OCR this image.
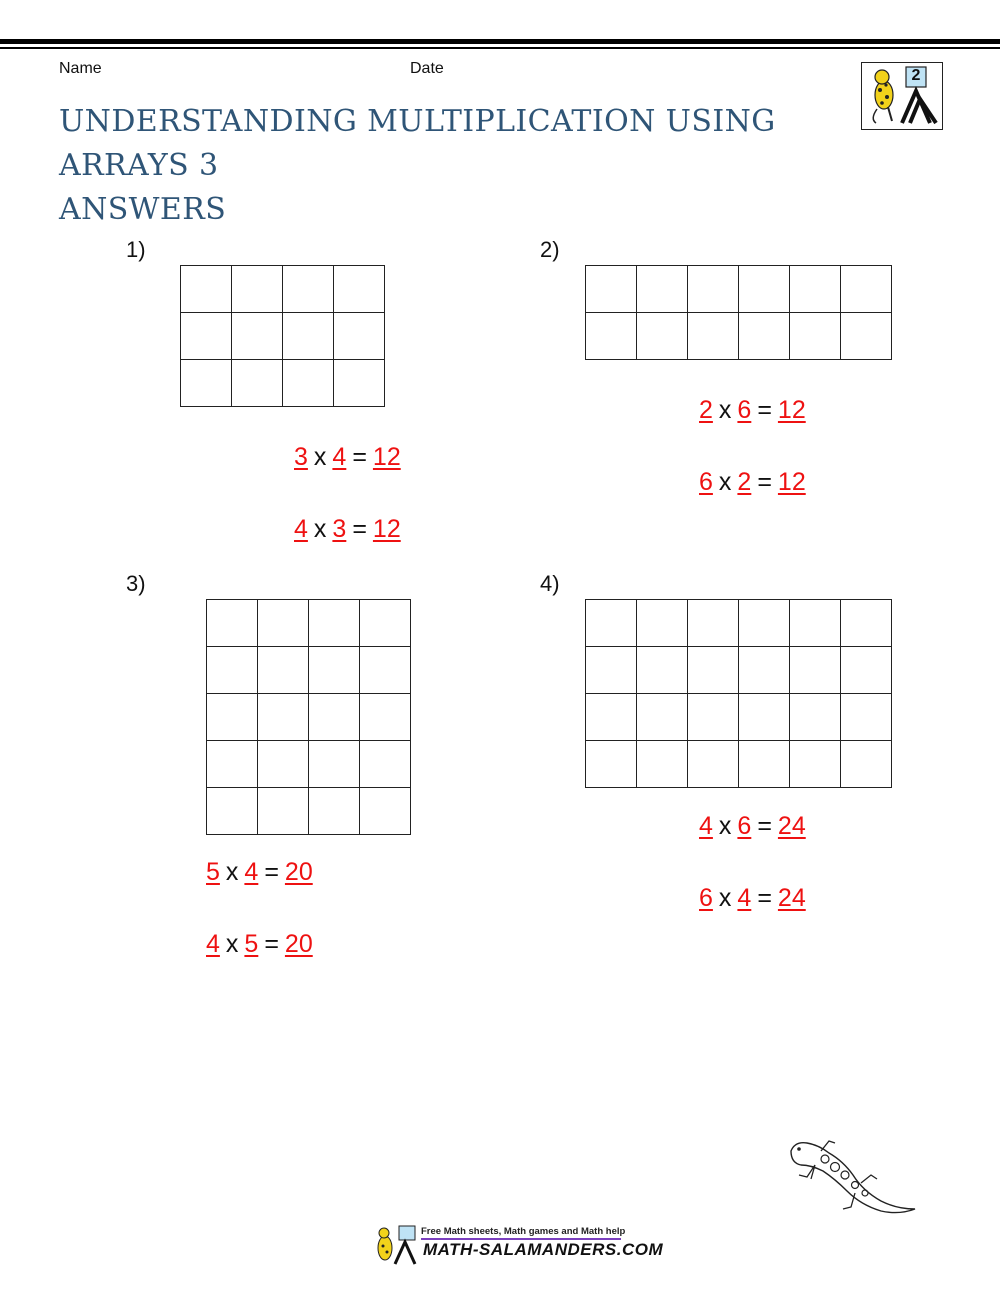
Name	Date
UNDERSTANDING MULTIPLICATION USING ARRAYS 3
ANSWERS
2
1)
3 x 4 = 12
4 x 3 = 12
2)
2 x 6 = 12
6 x 2 = 12
3)
5 x 4 = 20
4 x 5 = 20
4)
4 x 6 = 24
6 x 4 = 24
Free Math sheets, Math games and Math help
MATH-SALAMANDERS.COM
